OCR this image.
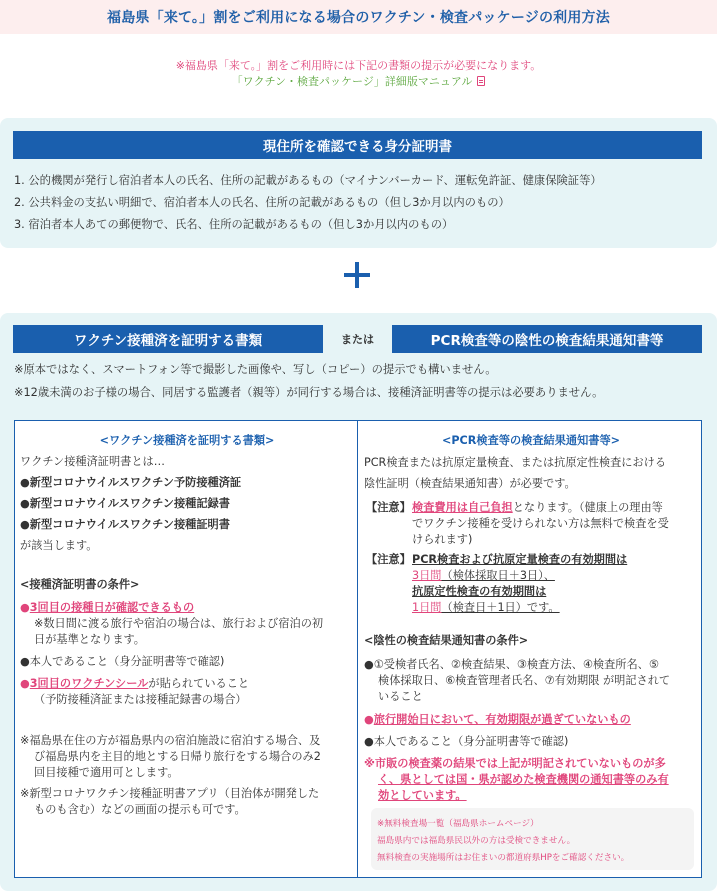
福島県「来て。」割をご利用になる場合のワクチン・検査パッケージの利用方法
※福島県「来て。」割をご利用時には下記の書類の提示が必要になります。
「ワクチン・検査パッケージ」詳細版マニュアル
現住所を確認できる身分証明書
1. 公的機関が発行し宿泊者本人の氏名、住所の記載があるもの（マイナンバーカード、運転免許証、健康保険証等）
2. 公共料金の支払い明細で、宿泊者本人の氏名、住所の記載があるもの（但し3か月以内のもの）
3. 宿泊者本人あての郵便物で、氏名、住所の記載があるもの（但し3か月以内のもの）
ワクチン接種済を証明する書類	または	PCR検査等の陰性の検査結果通知書等
※原本ではなく、スマートフォン等で撮影した画像や、写し（コピー）の提示でも構いません。
※12歳未満のお子様の場合、同居する監護者（親等）が同行する場合は、接種済証明書等の提示は必要ありません。
<ワクチン接種済を証明する書類>
ワクチン接種済証明書とは…
●新型コロナウイルスワクチン予防接種済証
●新型コロナウイルスワクチン接種記録書
●新型コロナウイルスワクチン接種証明書
が該当します。
<接種済証明書の条件>
●3回目の接種日が確認できるもの
※数日間に渡る旅行や宿泊の場合は、旅行および宿泊の初
日が基準となります。
●本人であること（身分証明書等で確認)
●3回目のワクチンシールが貼られていること
（予防接種済証または接種記録書の場合）
※福島県在住の方が福島県内の宿泊施設に宿泊する場合、及
び福島県内を主目的地とする日帰り旅行をする場合のみ2
回目接種で適用可とします。
※新型コロナワクチン接種証明書アプリ（目治体が開発した
ものも含む）などの画面の提示も可です。
<PCR検査等の検査結果通知書等>
PCR検査または抗原定量検査、または抗原定性検査における
陰性証明（検査結果通知書）が必要です。
【注意】 検査費用は自己負担となります。（健康上の理由等
でワクチン接種を受けられない方は無料で検査を受
けられます)
【注意】 PCR検査および抗原定量検査の有効期間は
3日間（検体採取日＋3日）、
抗原定性検査の有効期間は
1日間（検査日＋1日）です。
<陰性の検査結果通知書の条件>
●①受検者氏名、②検査結果、③検査方法、④検査所名、⑤
検体採取日、⑥検査管理者氏名、⑦有効期限 が明記されて
いること
●旅行開始日において、有効期限が過ぎていないもの
●本人であること（身分証明書等で確認)
※市販の検査薬の結果では上記が明記されていないものが多
く、県としては国・県が認めた検査機関の通知書等のみ有
効としています。
※無料検査場一覧（福島県ホームページ）
福島県内では福島県民以外の方は受検できません。
無料検査の実施場所はお住まいの都道府県HPをご確認ください。
